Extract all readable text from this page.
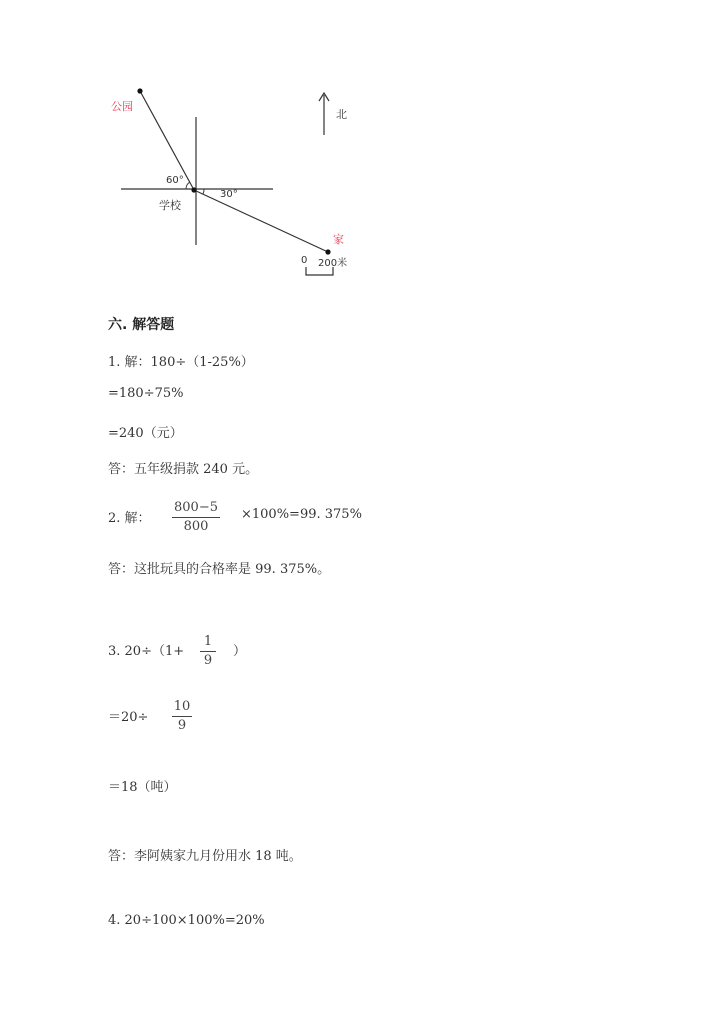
公园
学校
家
北
60°
30°
0 200米
六. 解答题
1. 解：180÷（1-25%）
=180÷75%
=240（元）
答：五年级捐款 240 元。
2. 解：
800−5
800
×100%=99. 375%
答：这批玩具的合格率是 99. 375%。
3. 20÷（1+
1
9
）
＝20÷
10
9
＝18（吨）
答：李阿姨家九月份用水 18 吨。
4. 20÷100×100%=20%
